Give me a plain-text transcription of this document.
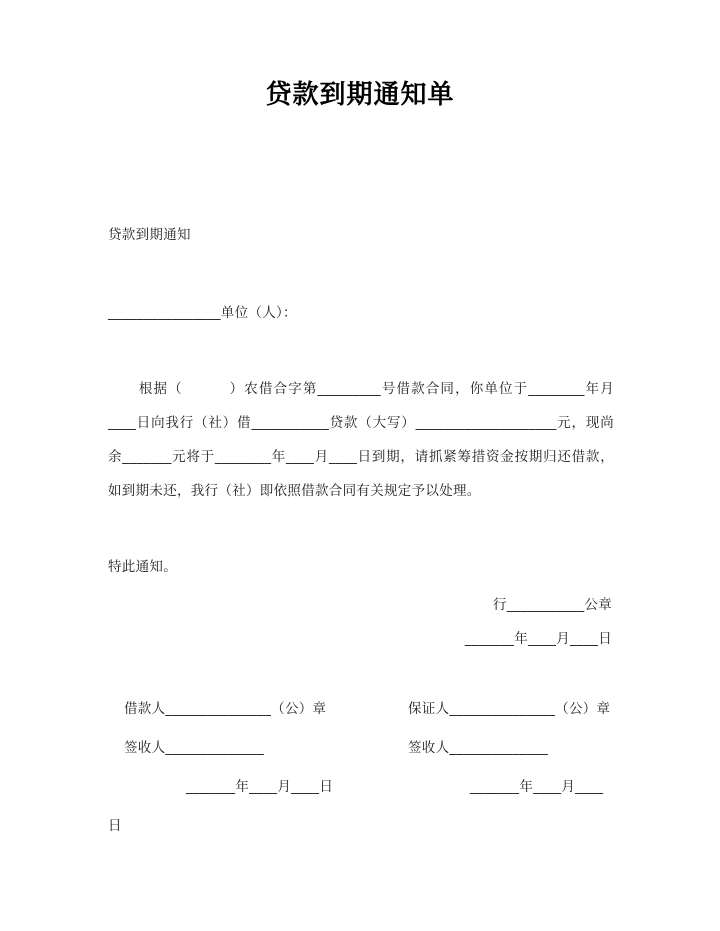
贷款到期通知单
贷款到期通知
________________单位（人）：
根据（	）农借合字第_________号借款合同，你单位于________年月____日向我行（社）借___________贷款（大写）____________________元，现尚余_______元将于________年____月____日到期，请抓紧筹措资金按期归还借款，如到期未还，我行（社）即依照借款合同有关规定予以处理。
特此通知。
行___________公章
_______年____月____日
借款人_______________（公）章	保证人_______________（公）章
签收人______________	签收人______________
_______年____月____日	_______年____月____
日
